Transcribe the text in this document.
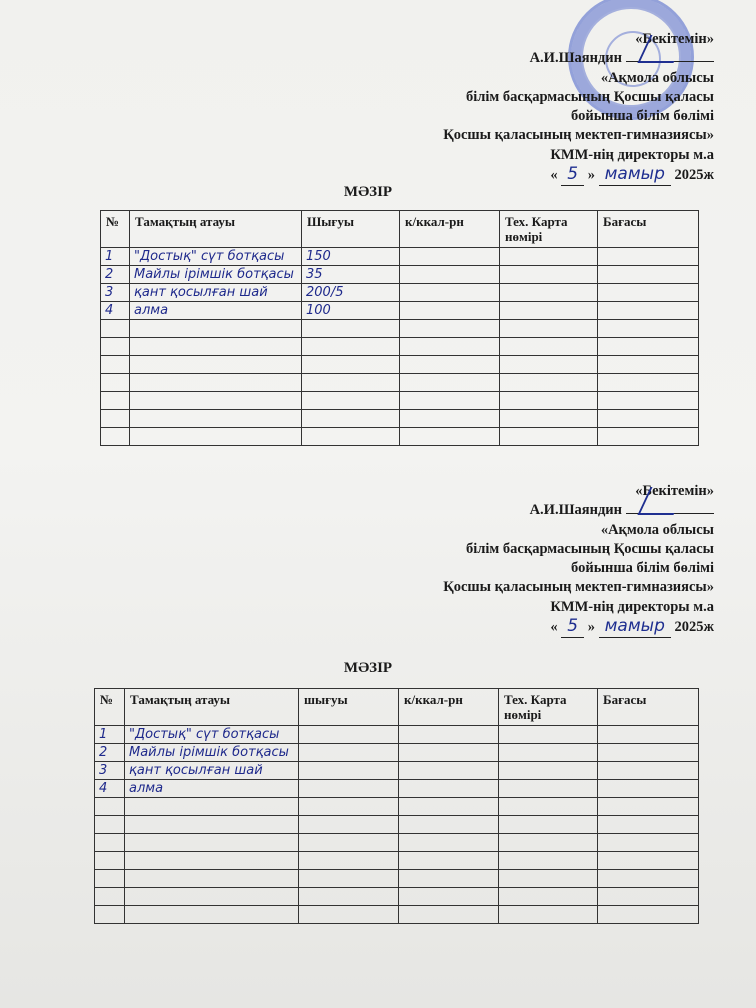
«Бекітемін»
А.И.Шаяндин
«Ақмола облысы
білім басқармасының Қосшы қаласы
бойынша білім бөлімі
Қосшы қаласының мектеп-гимназиясы»
КММ-нің директоры м.а
« 5 » мамыр 2025ж
МӘЗІР
№	Тамақтың атауы	Шығуы	к/ккал-рн	Тех. Карта нөмірі	Бағасы
1	"Достық" сүт ботқасы	150			
2	Майлы ірімшік ботқасы	35			
3	қант қосылған шай	200/5			
4	алма	100			

«Бекітемін»
А.И.Шаяндин
«Ақмола облысы
білім басқармасының Қосшы қаласы
бойынша білім бөлімі
Қосшы қаласының мектеп-гимназиясы»
КММ-нің директоры м.а
« 5 » мамыр 2025ж
МӘЗІР
№	Тамақтың атауы	шығуы	к/ккал-рн	Тех. Карта нөмірі	Бағасы
1	"Достық" сүт ботқасы				
2	Майлы ірімшік ботқасы				
3	қант қосылған шай				
4	алма				
